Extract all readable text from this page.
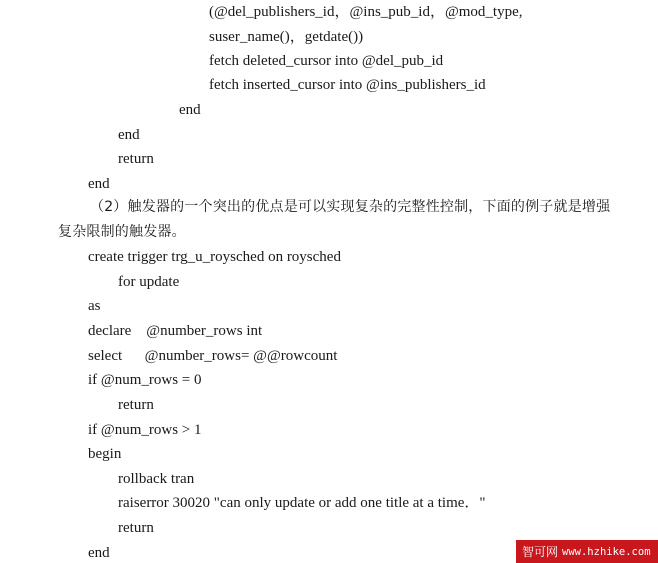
(@del_publishers_id，@ins_pub_id，@mod_type,
suser_name()，getdate())
fetch deleted_cursor into @del_pub_id
fetch inserted_cursor into @ins_publishers_id
end
end
return
end
（2）触发器的一个突出的优点是可以实现复杂的完整性控制，下面的例子就是增强
复杂限制的触发器。
create trigger trg_u_roysched on roysched
for update
as
declare    @number_rows int
select      @number_rows= @@rowcount
if @num_rows = 0
return
if @num_rows > 1
begin
rollback tran
raiserror 30020 "can only update or add one title at a time．"
return
end	智可网 www.hzhike.com
